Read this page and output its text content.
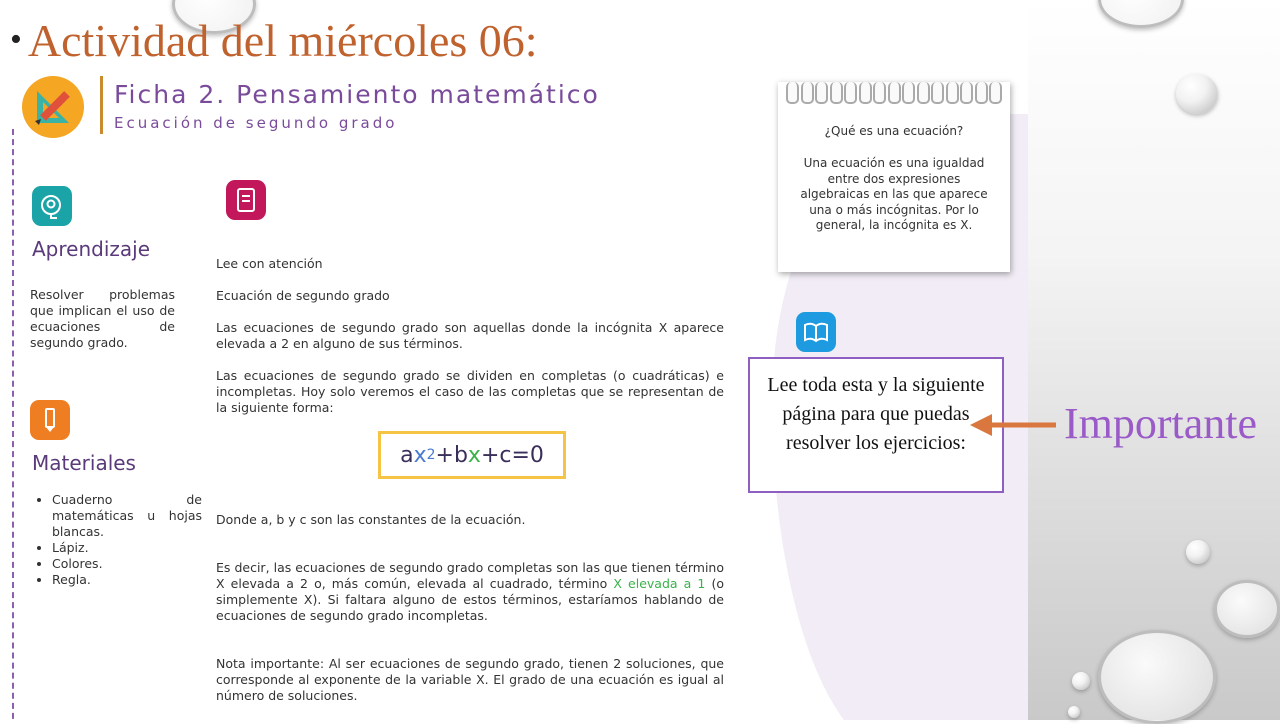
• Actividad del miércoles 06:
Ficha 2. Pensamiento matemático
Ecuación de segundo grado
Aprendizaje
Resolver problemas que implican el uso de ecuaciones de segundo grado.
Materiales
• Cuaderno de matemáticas u hojas blancas.
• Lápiz.
• Colores.
• Regla.
Lee con atención
Ecuación de segundo grado
Las ecuaciones de segundo grado son aquellas donde la incógnita X aparece elevada a 2 en alguno de sus términos.
Las ecuaciones de segundo grado se dividen en completas (o cuadráticas) e incompletas. Hoy solo veremos el caso de las completas que se representan de la siguiente forma:
a x 2 +b x +c=0
Donde a, b y c son las constantes de la ecuación.
Es decir, las ecuaciones de segundo grado completas son las que tienen término X elevada a 2 o, más común, elevada al cuadrado, término X elevada a 1 (o simplemente X). Si faltara alguno de estos términos, estaríamos hablando de ecuaciones de segundo grado incompletas.
Nota importante: Al ser ecuaciones de segundo grado, tienen 2 soluciones, que corresponde al exponente de la variable X. El grado de una ecuación es igual al número de soluciones.
¿Qué es una ecuación?
Una ecuación es una igualdad entre dos expresiones algebraicas en las que aparece una o más incógnitas. Por lo general, la incógnita es X.
Lee toda esta y la siguiente página para que puedas resolver los ejercicios:	Importante
